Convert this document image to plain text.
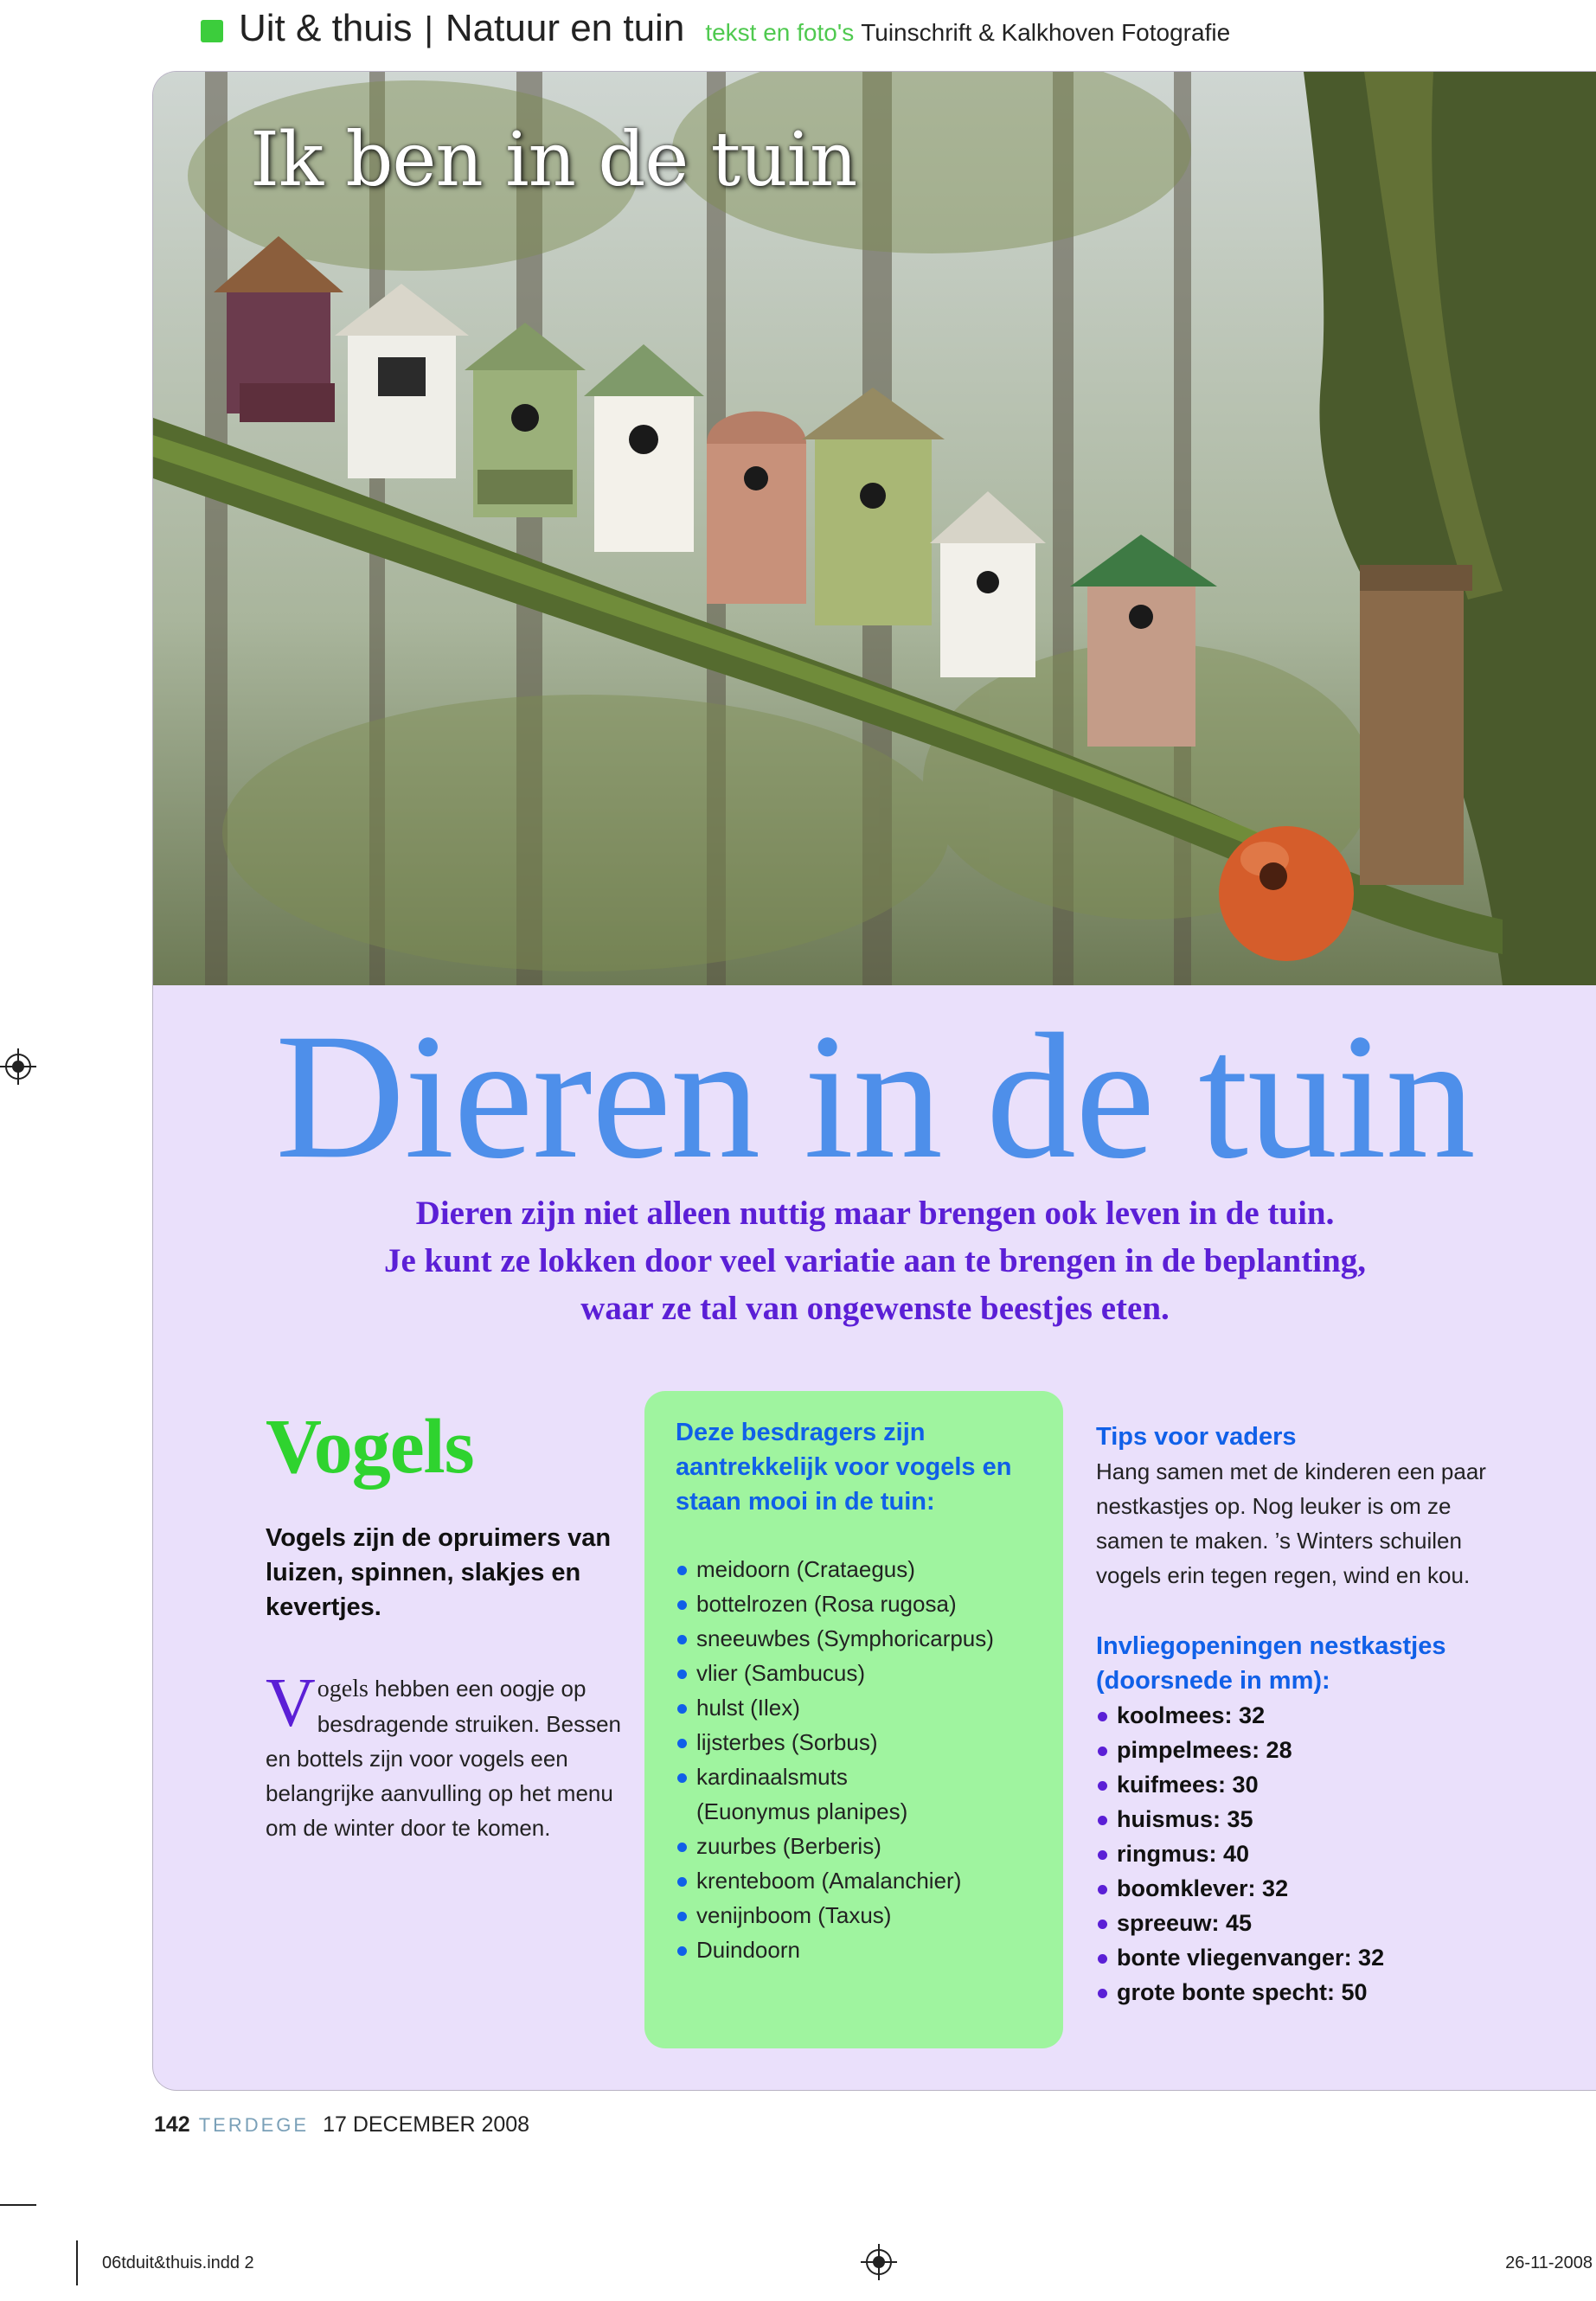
Uit & thuis | Natuur en tuin tekst en foto's Tuinschrift & Kalkhoven Fotografie
Ik ben in de tuin
Dieren in de tuin
Dieren zijn niet alleen nuttig maar brengen ook leven in de tuin.
Je kunt ze lokken door veel variatie aan te brengen in de beplanting,
waar ze tal van ongewenste beestjes eten.
Vogels
Vogels zijn de opruimers van luizen, spinnen, slakjes en kevertjes.
Vogels hebben een oogje op besdragende struiken. Bessen en bottels zijn voor vogels een belangrijke aanvulling op het menu om de winter door te komen.
Deze besdragers zijn aantrekkelijk voor vogels en staan mooi in de tuin:
meidoorn (Crataegus)
bottelrozen (Rosa rugosa)
sneeuwbes (Symphoricarpus)
vlier (Sambucus)
hulst (Ilex)
lijsterbes (Sorbus)
kardinaalsmuts
(Euonymus planipes)
zuurbes (Berberis)
krenteboom (Amalanchier)
venijnboom (Taxus)
Duindoorn
Tips voor vaders
Hang samen met de kinderen een paar nestkastjes op. Nog leuker is om ze samen te maken. ’s Winters schuilen vogels erin tegen regen, wind en kou.
Invliegopeningen nestkastjes (doorsnede in mm):
koolmees: 32
pimpelmees: 28
kuifmees: 30
huismus: 35
ringmus: 40
boomklever: 32
spreeuw: 45
bonte vliegenvanger: 32
grote bonte specht: 50
142 TERDEGE 17 DECEMBER 2008
06tduit&thuis.indd 2	26-11-2008
